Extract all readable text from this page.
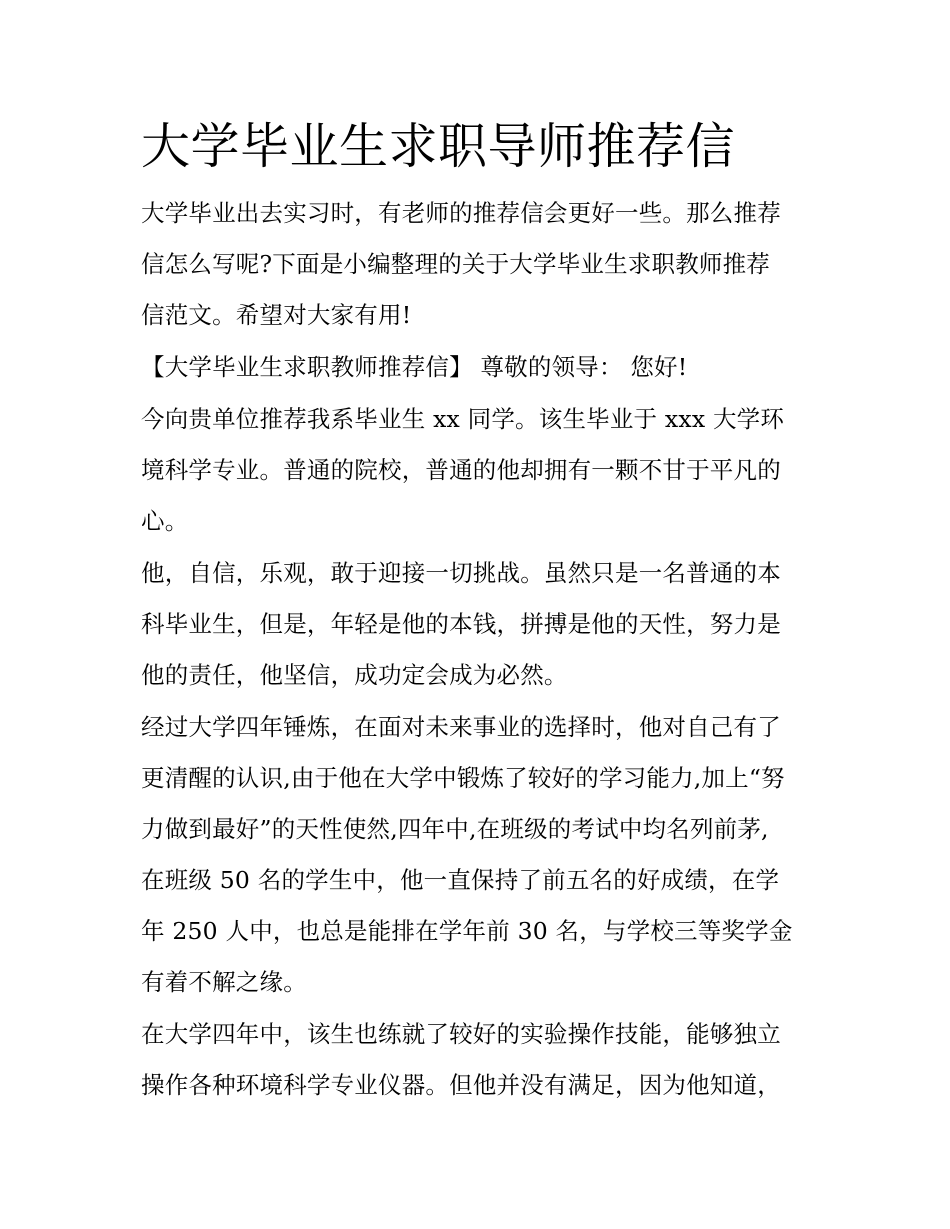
大学毕业生求职导师推荐信

大学毕业出去实习时，有老师的推荐信会更好一些。那么推荐
信怎么写呢?下面是小编整理的关于大学毕业生求职教师推荐
信范文。希望对大家有用!

【大学毕业生求职教师推荐信】 尊敬的领导： 您好!

今向贵单位推荐我系毕业生 xx 同学。该生毕业于 xxx 大学环
境科学专业。普通的院校，普通的他却拥有一颗不甘于平凡的
心。

他，自信，乐观，敢于迎接一切挑战。虽然只是一名普通的本
科毕业生，但是，年轻是他的本钱，拼搏是他的天性，努力是
他的责任，他坚信，成功定会成为必然。

经过大学四年锤炼，在面对未来事业的选择时，他对自己有了
更清醒的认识,由于他在大学中锻炼了较好的学习能力,加上“努
力做到最好”的天性使然,四年中,在班级的考试中均名列前茅,
在班级 50 名的学生中，他一直保持了前五名的好成绩，在学
年 250 人中，也总是能排在学年前 30 名，与学校三等奖学金
有着不解之缘。

在大学四年中，该生也练就了较好的实验操作技能，能够独立
操作各种环境科学专业仪器。但他并没有满足，因为他知道，
